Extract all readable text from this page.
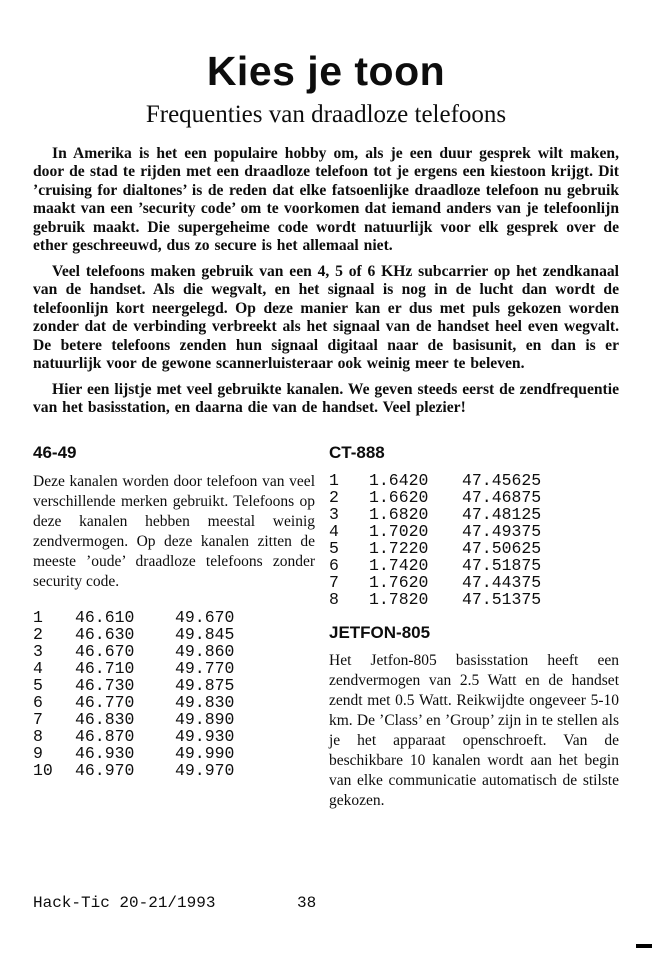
Kies je toon
Frequenties van draadloze telefoons

In Amerika is het een populaire hobby om, als je een duur gesprek wilt maken, door de stad te rijden met een draadloze telefoon tot je ergens een kiestoon krijgt. Dit ’cruising for dialtones’ is de reden dat elke fatsoenlijke draadloze telefoon nu gebruik maakt van een ’security code’ om te voorkomen dat iemand anders van je telefoonlijn gebruik maakt. Die supergeheime code wordt natuurlijk voor elk gesprek over de ether geschreeuwd, dus zo secure is het allemaal niet.

Veel telefoons maken gebruik van een 4, 5 of 6 KHz subcarrier op het zendkanaal van de handset. Als die wegvalt, en het signaal is nog in de lucht dan wordt de telefoonlijn kort neergelegd. Op deze manier kan er dus met puls gekozen worden zonder dat de verbinding verbreekt als het signaal van de handset heel even wegvalt. De betere telefoons zenden hun signaal digitaal naar de basisunit, en dan is er natuurlijk voor de gewone scannerluisteraar ook weinig meer te beleven.

Hier een lijstje met veel gebruikte kanalen. We geven steeds eerst de zendfrequentie van het basisstation, en daarna die van de handset. Veel plezier!

46-49

Deze kanalen worden door telefoon van veel verschillende merken gebruikt. Telefoons op deze kanalen hebben meestal weinig zendvermogen. Op deze kanalen zitten de meeste ’oude’ draadloze telefoons zonder security code.

1	46.610	49.670
2	46.630	49.845
3	46.670	49.860
4	46.710	49.770
5	46.730	49.875
6	46.770	49.830
7	46.830	49.890
8	46.870	49.930
9	46.930	49.990
10	46.970	49.970
CT-888
1	1.6420	47.45625
2	1.6620	47.46875
3	1.6820	47.48125
4	1.7020	47.49375
5	1.7220	47.50625
6	1.7420	47.51875
7	1.7620	47.44375
8	1.7820	47.51375
JETFON-805

Het Jetfon-805 basisstation heeft een zendvermogen van 2.5 Watt en de handset zendt met 0.5 Watt. Reikwijdte ongeveer 5-10 km. De ’Class’ en ’Group’ zijn in te stellen als je het apparaat openschroeft. Van de beschikbare 10 kanalen wordt aan het begin van elke communicatie automatisch de stilste gekozen.

Hack-Tic 20-21/1993	38
